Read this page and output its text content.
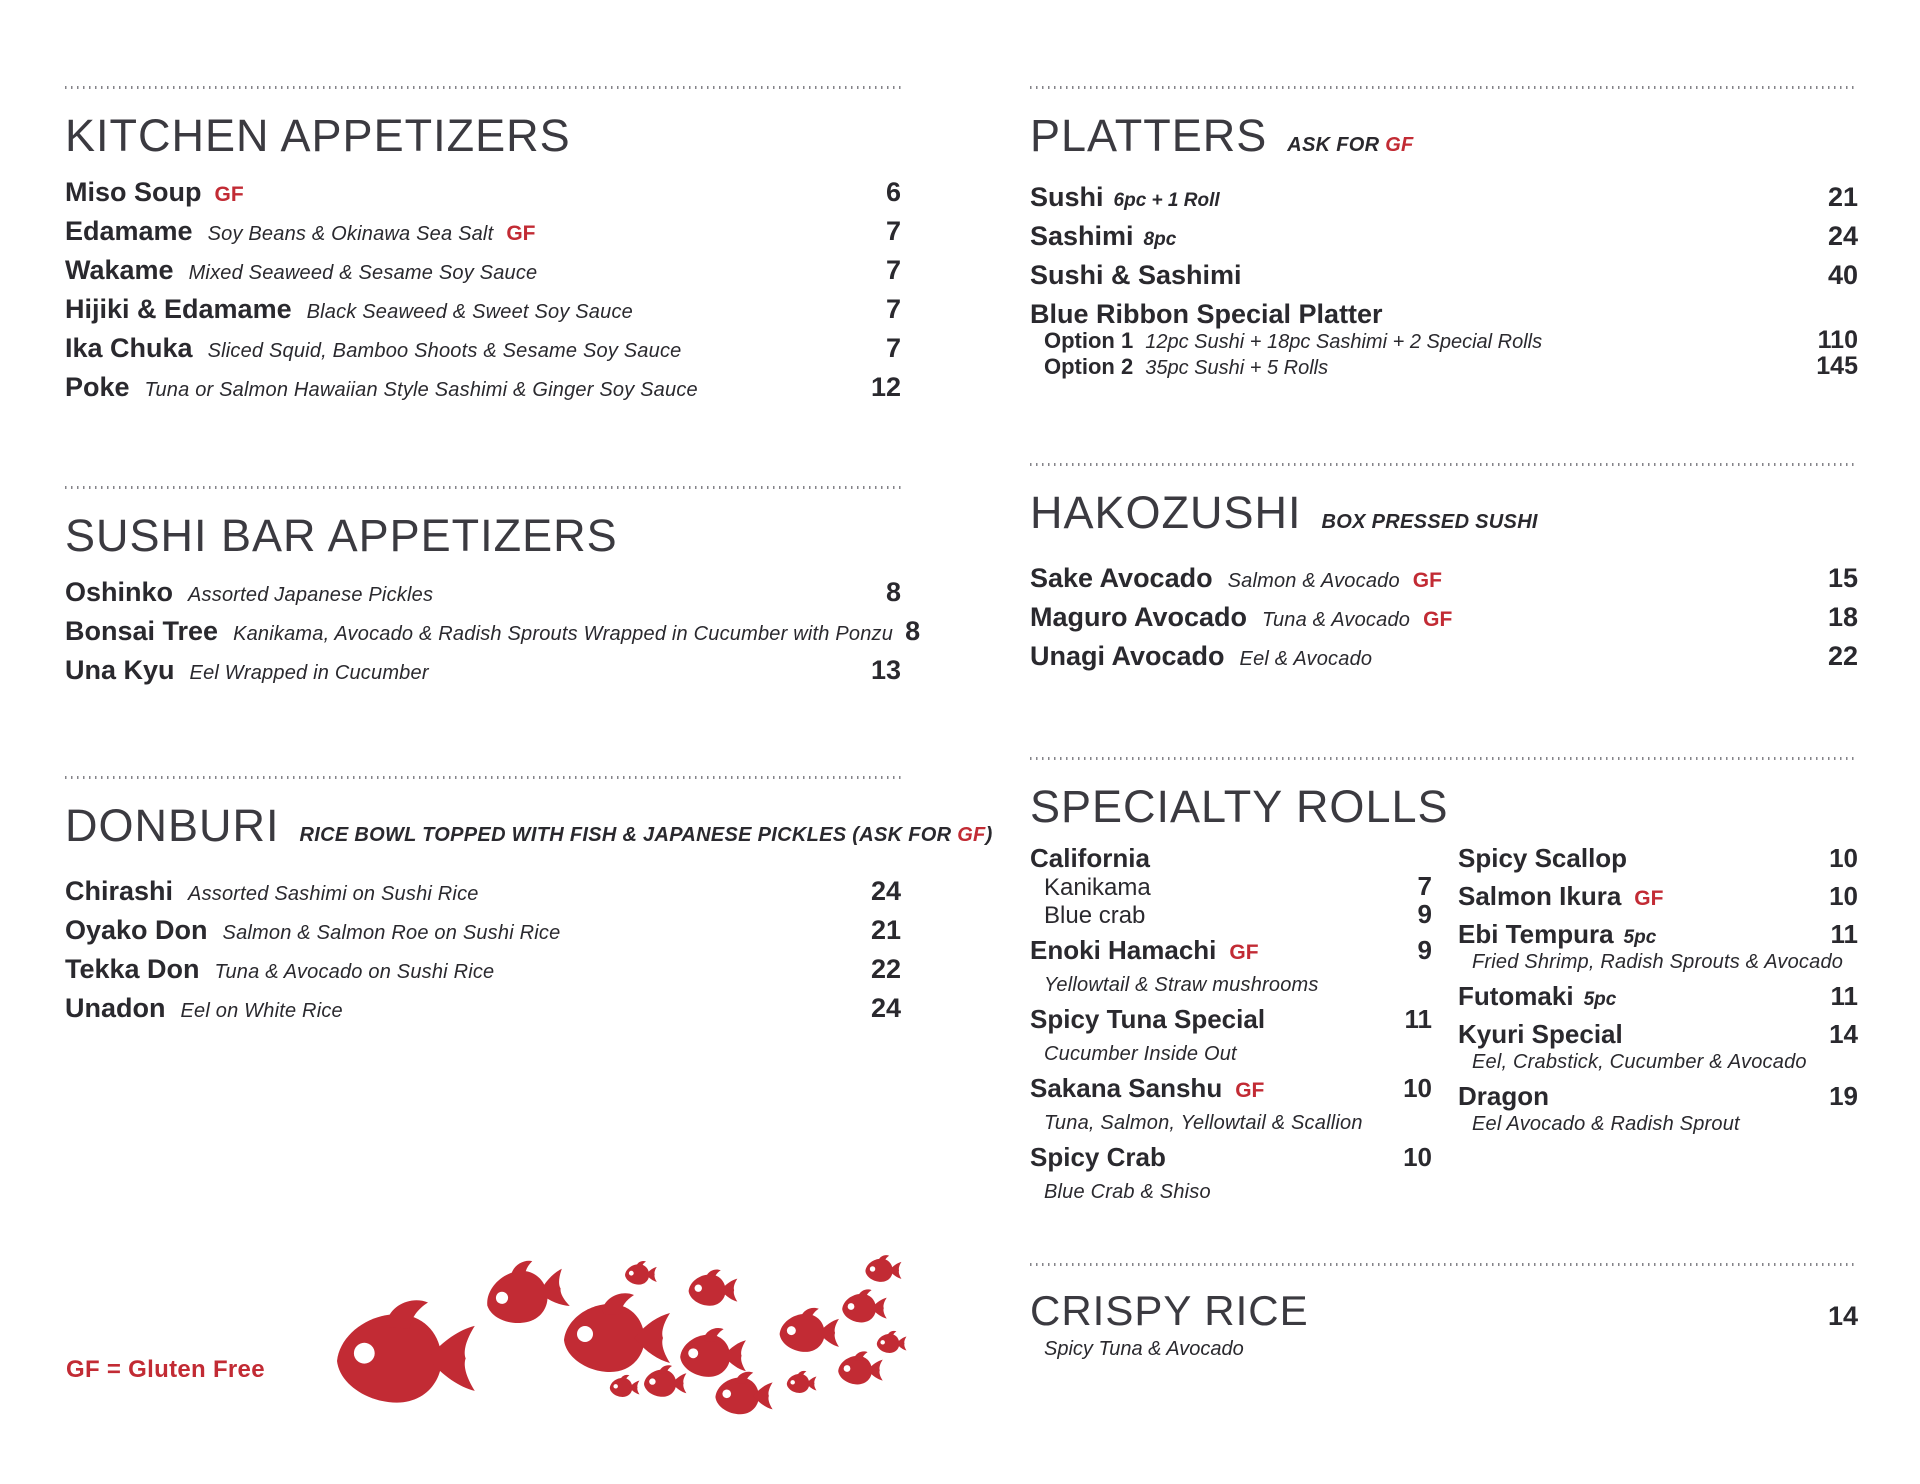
KITCHEN APPETIZERS
Miso Soup GF	6
Edamame Soy Beans & Okinawa Sea Salt GF	7
Wakame Mixed Seaweed & Sesame Soy Sauce	7
Hijiki & Edamame Black Seaweed & Sweet Soy Sauce	7
Ika Chuka Sliced Squid, Bamboo Shoots & Sesame Soy Sauce	7
Poke Tuna or Salmon Hawaiian Style Sashimi & Ginger Soy Sauce	12
SUSHI BAR APPETIZERS
Oshinko Assorted Japanese Pickles	8
Bonsai Tree Kanikama, Avocado & Radish Sprouts Wrapped in Cucumber with Ponzu 8
Una Kyu Eel Wrapped in Cucumber	13
DONBURI RICE BOWL TOPPED WITH FISH & JAPANESE PICKLES (ASK FOR GF)
Chirashi Assorted Sashimi on Sushi Rice	24
Oyako Don Salmon & Salmon Roe on Sushi Rice	21
Tekka Don Tuna & Avocado on Sushi Rice	22
Unadon Eel on White Rice	24
PLATTERS ASK FOR GF
Sushi 6pc + 1 Roll	21
Sashimi 8pc	24
Sushi & Sashimi	40
Blue Ribbon Special Platter
Option 1 12pc Sushi + 18pc Sashimi + 2 Special Rolls	110
Option 2 35pc Sushi + 5 Rolls	145
HAKOZUSHI BOX PRESSED SUSHI
Sake Avocado Salmon & Avocado GF	15
Maguro Avocado Tuna & Avocado GF	18
Unagi Avocado Eel & Avocado	22
SPECIALTY ROLLS
California
Kanikama	7
Blue crab	9
Enoki Hamachi GF	9
Yellowtail & Straw mushrooms
Spicy Tuna Special	11
Cucumber Inside Out
Sakana Sanshu GF	10
Tuna, Salmon, Yellowtail & Scallion
Spicy Crab	10
Blue Crab & Shiso
Spicy Scallop	10
Salmon Ikura GF	10
Ebi Tempura 5pc	11
Fried Shrimp, Radish Sprouts & Avocado
Futomaki 5pc	11
Kyuri Special	14
Eel, Crabstick, Cucumber & Avocado
Dragon	19
Eel Avocado & Radish Sprout
CRISPY RICE	14
Spicy Tuna & Avocado
GF = Gluten Free
